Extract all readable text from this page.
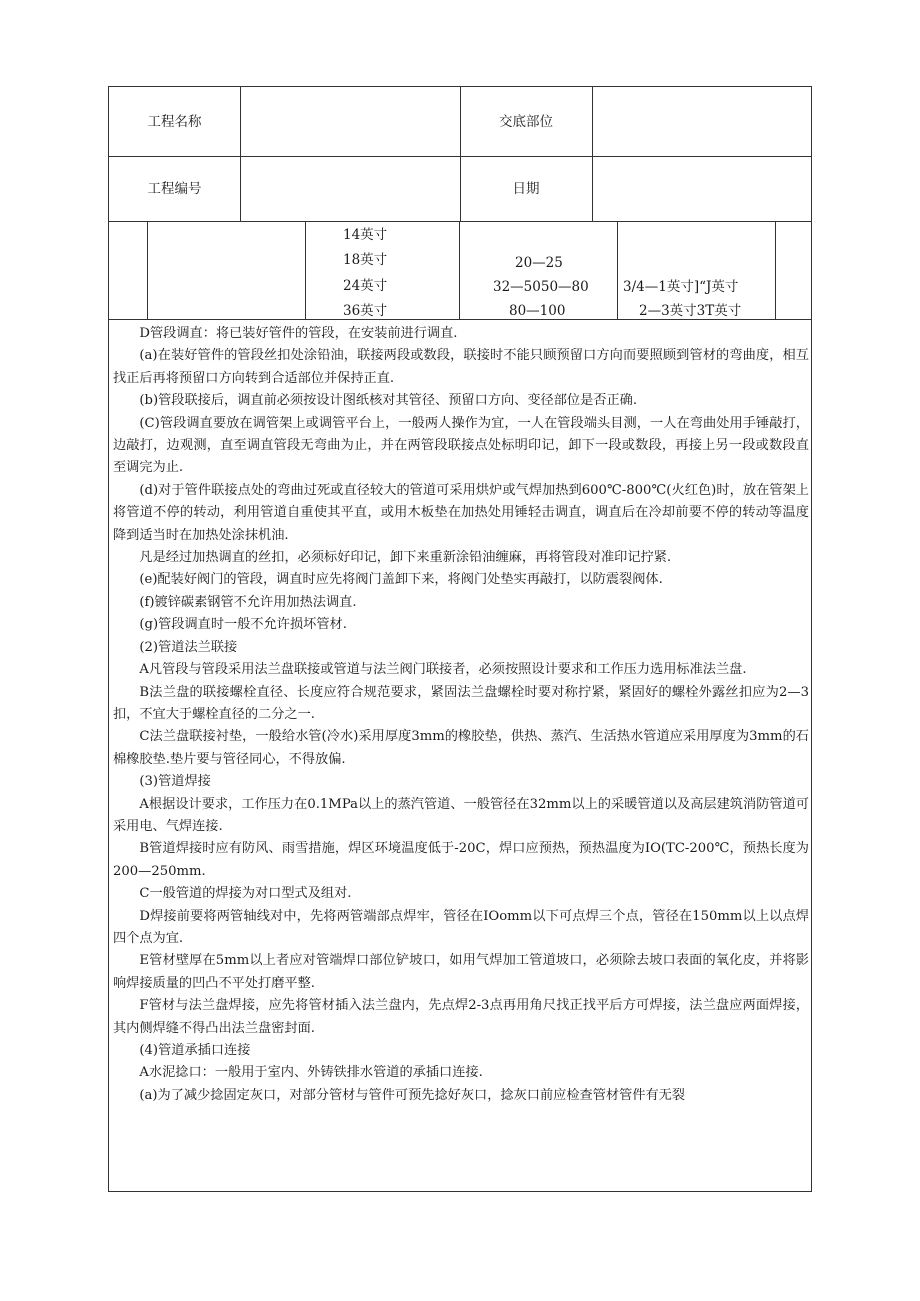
工程名称	交底部位
工程编号	日期
14英寸
18英寸
24英寸
36英寸
20—25
32—5050—80
80—100
3/4—1英寸]“J英寸
2—3英寸3T英寸

D管段调直：将已装好管件的管段，在安装前进行调直.

(a)在装好管件的管段丝扣处涂铅油，联接两段或数段，联接时不能只顾预留口方向而要照顾到管材的弯曲度，相互找正后再将预留口方向转到合适部位并保持正直.

(b)管段联接后，调直前必须按设计图纸核对其管径、预留口方向、变径部位是否正确.

(C)管段调直要放在调管架上或调管平台上，一般两人操作为宜，一人在管段端头目测，一人在弯曲处用手锤敲打，边敲打，边观测，直至调直管段无弯曲为止，并在两管段联接点处标明印记，卸下一段或数段，再接上另一段或数段直至调完为止.

(d)对于管件联接点处的弯曲过死或直径较大的管道可采用烘炉或气焊加热到600℃-800℃(火红色)时，放在管架上将管道不停的转动，利用管道自重使其平直，或用木板垫在加热处用锤轻击调直，调直后在冷却前要不停的转动等温度降到适当时在加热处涂抹机油.

凡是经过加热调直的丝扣，必须标好印记，卸下来重新涂铅油缠麻，再将管段对准印记拧紧.

(e)配装好阀门的管段，调直时应先将阀门盖卸下来，将阀门处垫实再敲打，以防震裂阀体.

(f)镀锌碳素钢管不允许用加热法调直.

(g)管段调直时一般不允许损坏管材.

(2)管道法兰联接

A凡管段与管段采用法兰盘联接或管道与法兰阀门联接者，必须按照设计要求和工作压力选用标准法兰盘.

B法兰盘的联接螺栓直径、长度应符合规范要求，紧固法兰盘螺栓时要对称拧紧，紧固好的螺栓外露丝扣应为2—3扣，不宜大于螺栓直径的二分之一.

C法兰盘联接衬垫，一般给水管(冷水)采用厚度3mm的橡胶垫，供热、蒸汽、生活热水管道应采用厚度为3mm的石棉橡胶垫.垫片要与管径同心，不得放偏.

(3)管道焊接

A根据设计要求，工作压力在0.1MPa以上的蒸汽管道、一般管径在32mm以上的采暖管道以及高层建筑消防管道可采用电、气焊连接.

B管道焊接时应有防风、雨雪措施，焊区环境温度低于-20C，焊口应预热，预热温度为IO(TC-200℃，预热长度为200—250mm.

C一般管道的焊接为对口型式及组对.

D焊接前要将两管轴线对中，先将两管端部点焊牢，管径在IOomm以下可点焊三个点，管径在150mm以上以点焊四个点为宜.

E管材壁厚在5mm以上者应对管端焊口部位铲坡口，如用气焊加工管道坡口，必须除去坡口表面的氧化皮，并将影响焊接质量的凹凸不平处打磨平整.

F管材与法兰盘焊接，应先将管材插入法兰盘内，先点焊2-3点再用角尺找正找平后方可焊接，法兰盘应两面焊接，其内侧焊缝不得凸出法兰盘密封面.

(4)管道承插口连接

A水泥捻口：一般用于室内、外铸铁排水管道的承插口连接.

(a)为了减少捻固定灰口，对部分管材与管件可预先捻好灰口，捻灰口前应检查管材管件有无裂
